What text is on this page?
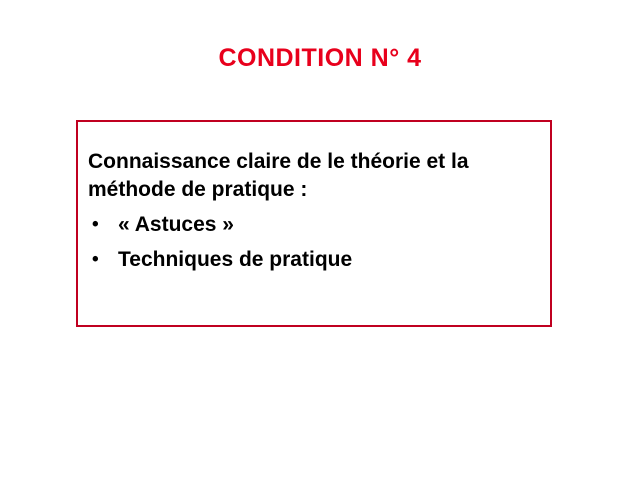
CONDITION N° 4

Connaissance claire de le théorie et la méthode de pratique :

• « Astuces »
• Techniques de pratique
